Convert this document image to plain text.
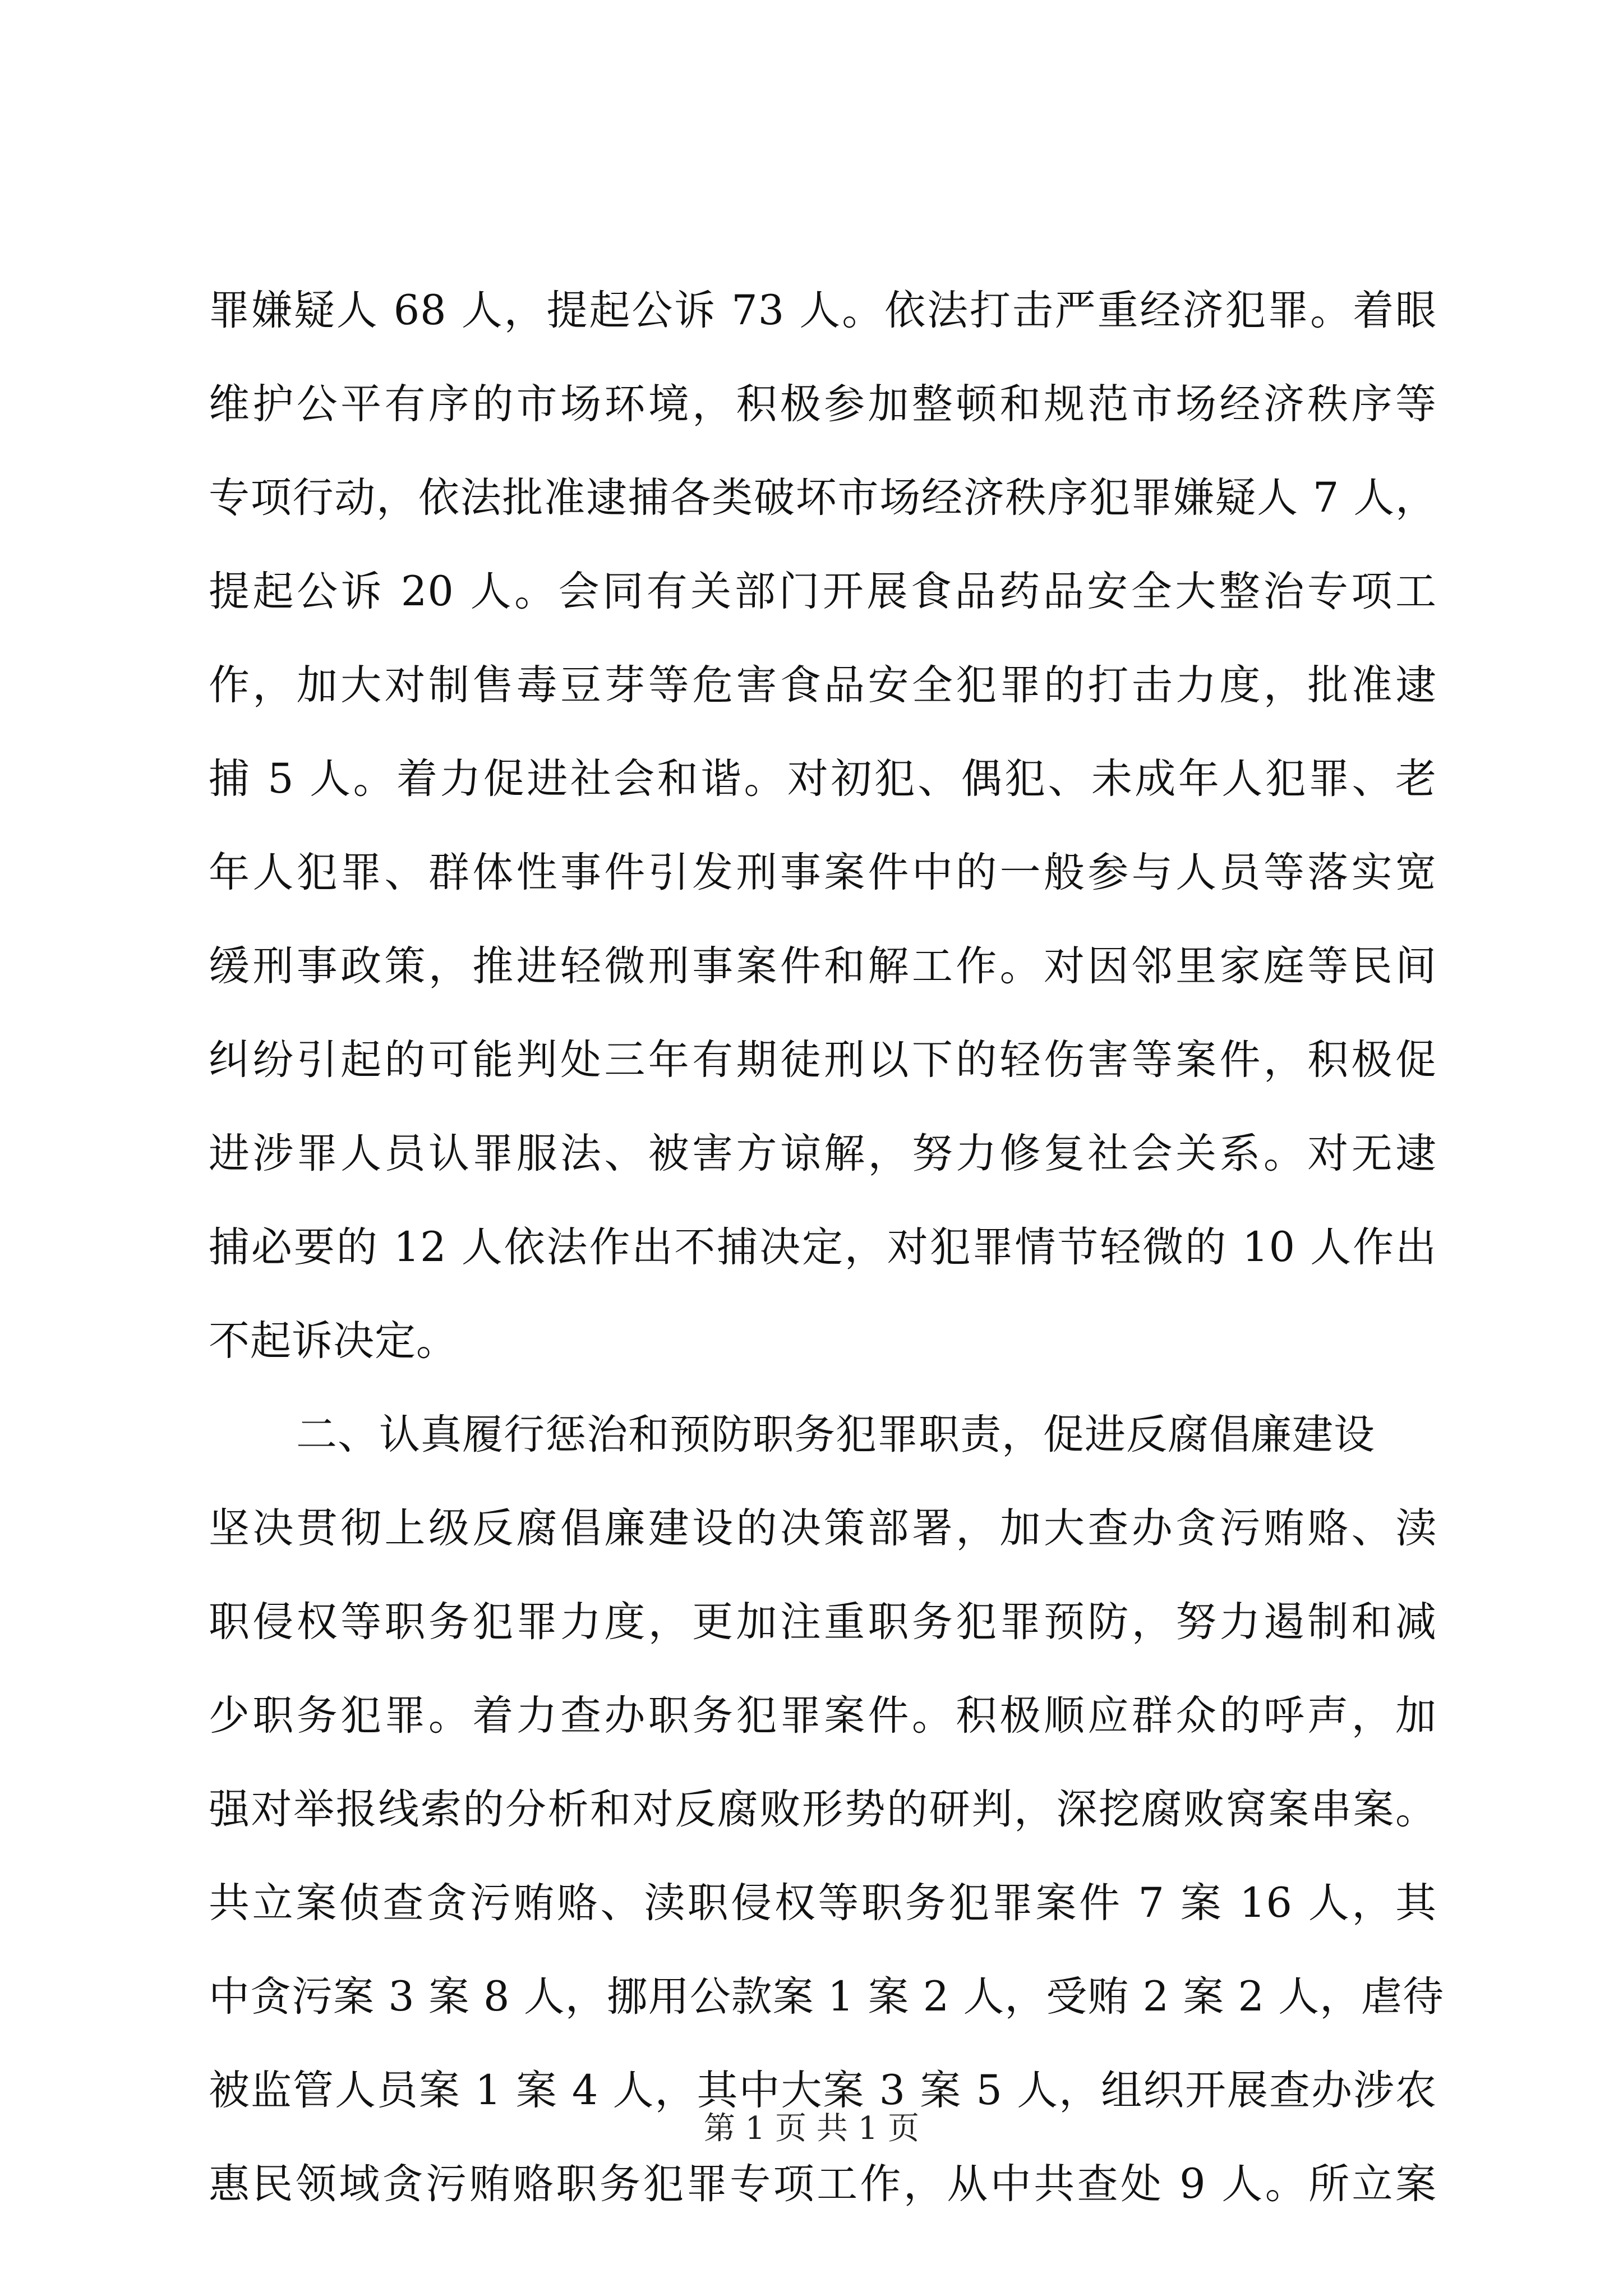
罪嫌疑人 68 人，提起公诉 73 人。依法打击严重经济犯罪。着眼
维护公平有序的市场环境，积极参加整顿和规范市场经济秩序等
专项行动，依法批准逮捕各类破坏市场经济秩序犯罪嫌疑人 7 人，
提起公诉 20 人。会同有关部门开展食品药品安全大整治专项工
作，加大对制售毒豆芽等危害食品安全犯罪的打击力度，批准逮
捕 5 人。着力促进社会和谐。对初犯、偶犯、未成年人犯罪、老
年人犯罪、群体性事件引发刑事案件中的一般参与人员等落实宽
缓刑事政策，推进轻微刑事案件和解工作。对因邻里家庭等民间
纠纷引起的可能判处三年有期徒刑以下的轻伤害等案件，积极促
进涉罪人员认罪服法、被害方谅解，努力修复社会关系。对无逮
捕必要的 12 人依法作出不捕决定，对犯罪情节轻微的 10 人作出
不起诉决定。
二、认真履行惩治和预防职务犯罪职责，促进反腐倡廉建设
坚决贯彻上级反腐倡廉建设的决策部署，加大查办贪污贿赂、渎
职侵权等职务犯罪力度，更加注重职务犯罪预防，努力遏制和减
少职务犯罪。着力查办职务犯罪案件。积极顺应群众的呼声，加
强对举报线索的分析和对反腐败形势的研判，深挖腐败窝案串案。
共立案侦查贪污贿赂、渎职侵权等职务犯罪案件 7 案 16 人，其
中贪污案 3 案 8 人，挪用公款案 1 案 2 人，受贿 2 案 2 人，虐待
被监管人员案 1 案 4 人，其中大案 3 案 5 人，组织开展查办涉农
惠民领域贪污贿赂职务犯罪专项工作，从中共查处 9 人。所立案
第 1 页 共 1 页
